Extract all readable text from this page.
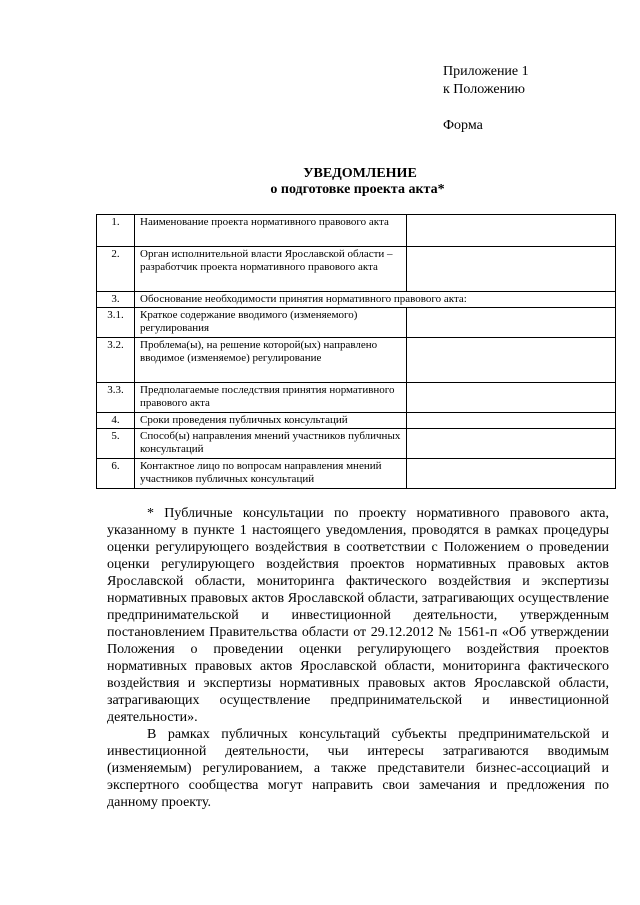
Приложение 1
к Положению
Форма
УВЕДОМЛЕНИЕ
о подготовке проекта акта*
1.	Наименование проекта нормативного правового акта	
2.	Орган исполнительной власти Ярославской области – разработчик проекта нормативного правового акта	
3.	Обоснование необходимости принятия нормативного правового акта:	
3.1.	Краткое содержание вводимого (изменяемого) регулирования	
3.2.	Проблема(ы), на решение которой(ых) направлено вводимое (изменяемое) регулирование	
3.3.	Предполагаемые последствия принятия нормативного правового акта	
4.	Сроки проведения публичных консультаций	
5.	Способ(ы) направления мнений участников публичных консультаций	
6.	Контактное лицо по вопросам направления мнений участников публичных консультаций	

* Публичные консультации по проекту нормативного правового акта, указанному в пункте 1 настоящего уведомления, проводятся в рамках процедуры оценки регулирующего воздействия в соответствии с Положением о проведении оценки регулирующего воздействия проектов нормативных правовых актов Ярославской области, мониторинга фактического воздействия и экспертизы нормативных правовых актов Ярославской области, затрагивающих осуществление предпринимательской и инвестиционной деятельности, утвержденным постановлением Правительства области от 29.12.2012 № 1561-п «Об утверждении Положения о проведении оценки регулирующего воздействия проектов нормативных правовых актов Ярославской области, мониторинга фактического воздействия и экспертизы нормативных правовых актов Ярославской области, затрагивающих осуществление предпринимательской и инвестиционной деятельности».

В рамках публичных консультаций субъекты предпринимательской и инвестиционной деятельности, чьи интересы затрагиваются вводимым (изменяемым) регулированием, а также представители бизнес-ассоциаций и экспертного сообщества могут направить свои замечания и предложения по данному проекту.
